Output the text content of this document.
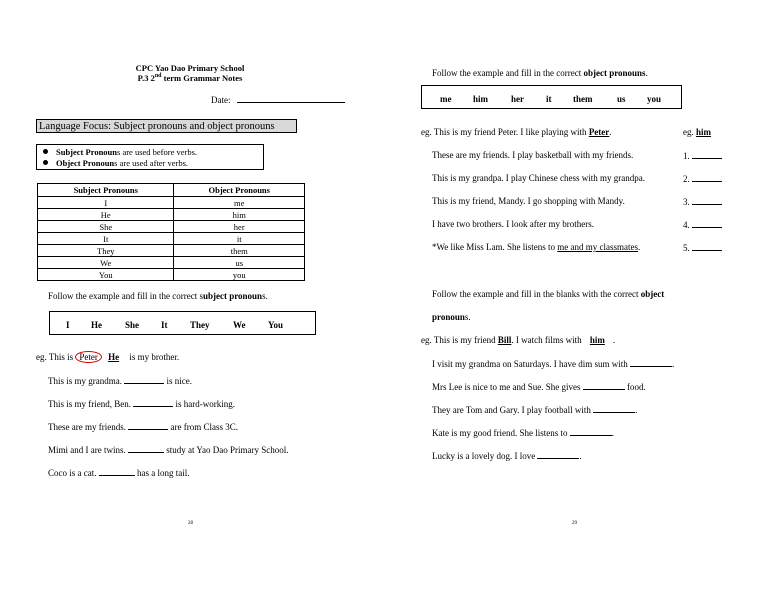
CPC Yao Dao Primary School
P.3 2nd term Grammar Notes
Date:
Language Focus: Subject pronouns and object pronouns
Subject Pronouns are used before verbs.
Object Pronouns are used after verbs.
Subject Pronouns	Object Pronouns
I	me
He	him
She	her
It	it
They	them
We	us
You	you
Follow the example and fill in the correct subject pronouns.
I He	She It	They	We	You
eg. This is Peter He is my brother.
This is my grandma.	is nice.
This is my friend, Ben.	is hard-working.
These are my friends.	are from Class 3C.
Mimi and I are twins.	study at Yao Dao Primary School.
Coco is a cat.	has a long tail.
28
Follow the example and fill in the correct object pronouns.
me him	her it them	us you
eg. This is my friend Peter. I like playing with Peter.	eg. him
These are my friends. I play basketball with my friends.	1.
This is my grandpa. I play Chinese chess with my grandpa.	2.
This is my friend, Mandy. I go shopping with Mandy.	3.
I have two brothers. I look after my brothers.	4.
*We like Miss Lam. She listens to me and my classmates.	5.
Follow the example and fill in the blanks with the correct object
pronouns.
eg. This is my friend Bill. I watch films with him .
I visit my grandma on Saturdays. I have dim sum with	.
Mrs Lee is nice to me and Sue. She gives	food.
They are Tom and Gary. I play football with	.
Kate is my good friend. She listens to	.
Lucky is a lovely dog. I love	.
29
